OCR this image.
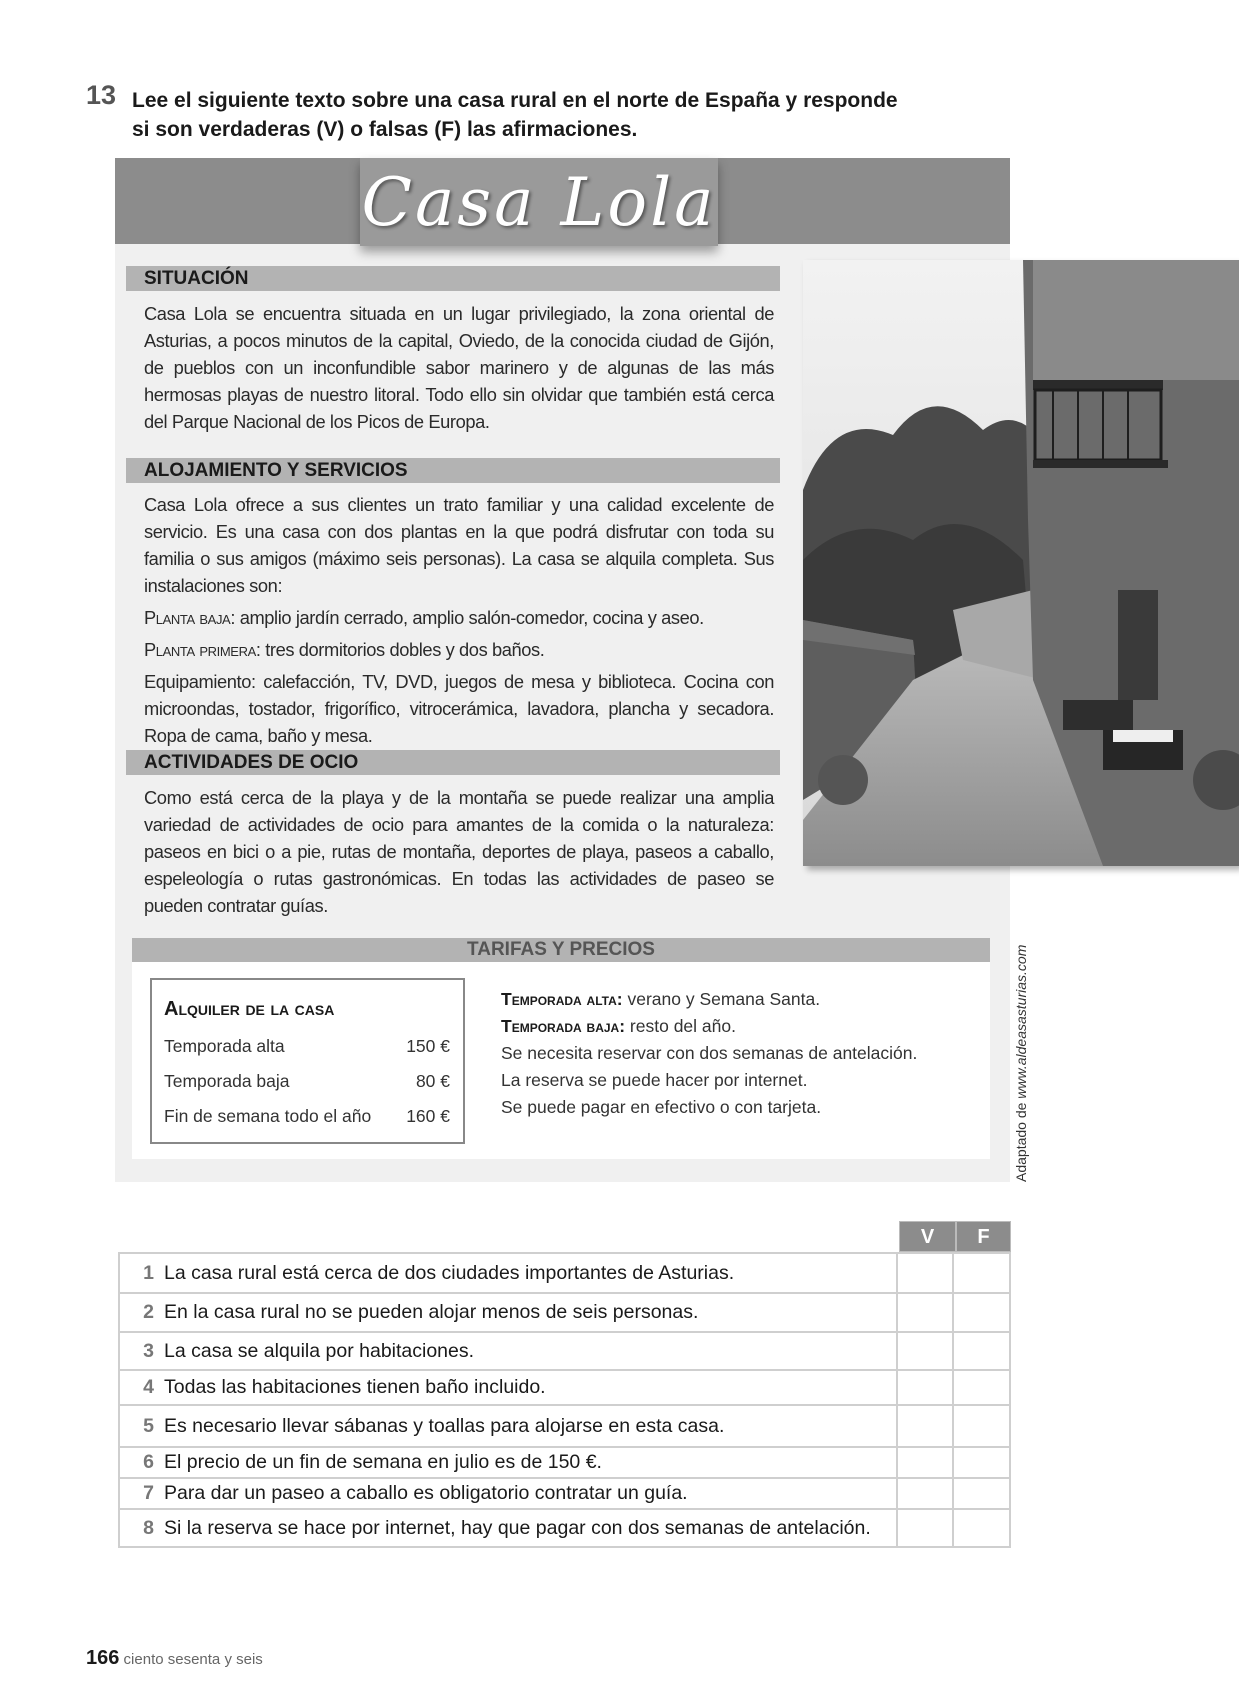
13 Lee el siguiente texto sobre una casa rural en el norte de España y responde
si son verdaderas (V) o falsas (F) las afirmaciones.
Casa Lola
SITUACIÓN

Casa Lola se encuentra situada en un lugar privilegiado, la zona oriental de Asturias, a pocos minutos de la capital, Oviedo, de la conocida ciudad de Gijón, de pueblos con un inconfundible sabor marinero y de algunas de las más hermosas playas de nuestro litoral. Todo ello sin olvidar que también está cerca del Parque Nacional de los Picos de Europa.

ALOJAMIENTO Y SERVICIOS

Casa Lola ofrece a sus clientes un trato familiar y una calidad excelente de servicio. Es una casa con dos plantas en la que podrá disfrutar con toda su familia o sus amigos (máximo seis personas). La casa se alquila completa. Sus instalaciones son:

Planta baja: amplio jardín cerrado, amplio salón-comedor, cocina y aseo.

Planta primera: tres dormitorios dobles y dos baños.

Equipamiento: calefacción, TV, DVD, juegos de mesa y biblioteca. Cocina con microondas, tostador, frigorífico, vitrocerámica, lavadora, plancha y secadora. Ropa de cama, baño y mesa.

ACTIVIDADES DE OCIO

Como está cerca de la playa y de la montaña se puede realizar una amplia variedad de actividades de ocio para amantes de la comida o la naturaleza: paseos en bici o a pie, rutas de montaña, deportes de playa, paseos a caballo, espeleología o rutas gastronómicas. En todas las actividades de paseo se pueden contratar guías.

TARIFAS Y PRECIOS
Alquiler de la casa
Temporada alta	150 €
Temporada baja	80 €
Fin de semana todo el año 160 €
Temporada alta: verano y Semana Santa.
Temporada baja: resto del año.
Se necesita reservar con dos semanas de antelación.
La reserva se puede hacer por internet.
Se puede pagar en efectivo o con tarjeta.	Adaptado de www.aldeasasturias.com
V	F
1 La casa rural está cerca de dos ciudades importantes de Asturias.		
2 En la casa rural no se pueden alojar menos de seis personas.		
3 La casa se alquila por habitaciones.		
4 Todas las habitaciones tienen baño incluido.		
5 Es necesario llevar sábanas y toallas para alojarse en esta casa.		
6 El precio de un fin de semana en julio es de 150 €.		
7 Para dar un paseo a caballo es obligatorio contratar un guía.		
8 Si la reserva se hace por internet, hay que pagar con dos semanas de antelación.		
166 ciento sesenta y seis
